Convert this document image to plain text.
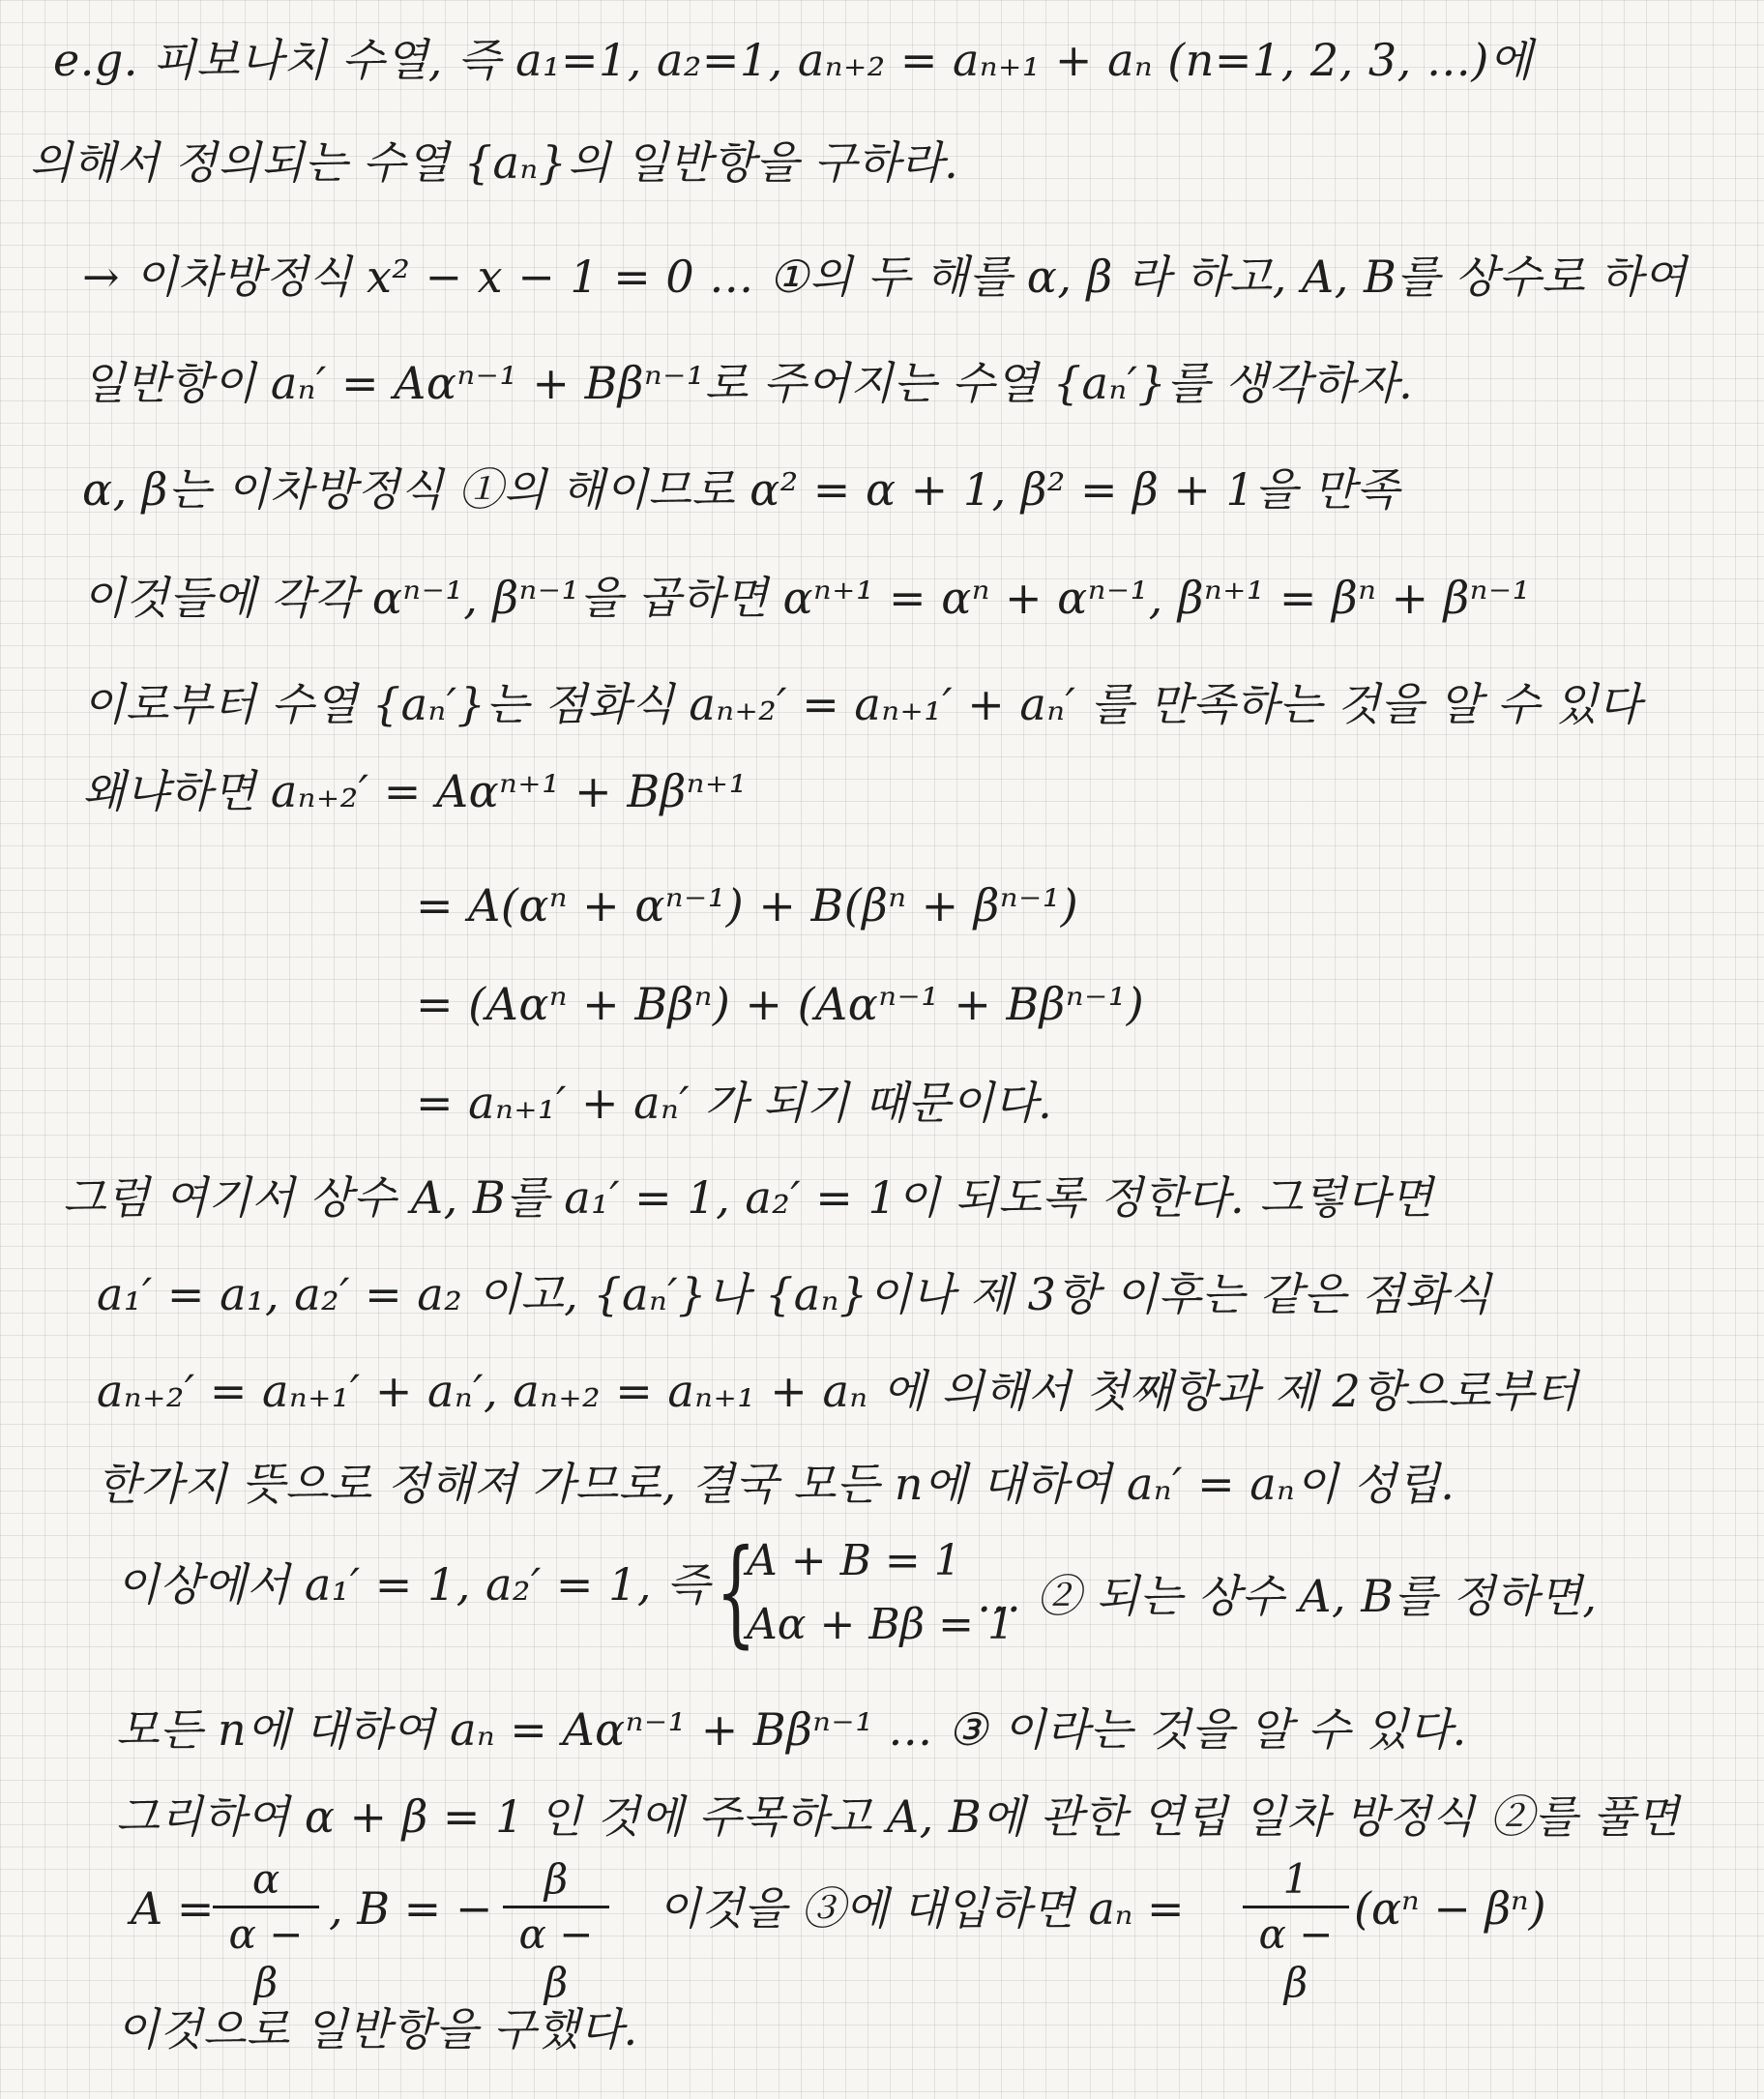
e.g. 피보나치 수열, 즉 a₁=1, a₂=1, aₙ₊₂ = aₙ₊₁ + aₙ (n=1, 2, 3, …)에
의해서 정의되는 수열 {aₙ}의 일반항을 구하라.
→ 이차방정식 x² − x − 1 = 0 … ①의 두 해를 α, β 라 하고, A, B를 상수로 하여
일반항이 aₙ′ = Aαⁿ⁻¹ + Bβⁿ⁻¹로 주어지는 수열 {aₙ′}를 생각하자.
α, β는 이차방정식 ①의 해이므로 α² = α + 1, β² = β + 1을 만족
이것들에 각각 αⁿ⁻¹, βⁿ⁻¹을 곱하면 αⁿ⁺¹ = αⁿ + αⁿ⁻¹, βⁿ⁺¹ = βⁿ + βⁿ⁻¹
이로부터 수열 {aₙ′}는 점화식 aₙ₊₂′ = aₙ₊₁′ + aₙ′ 를 만족하는 것을 알 수 있다
왜냐하면 aₙ₊₂′ = Aαⁿ⁺¹ + Bβⁿ⁺¹
= A(αⁿ + αⁿ⁻¹) + B(βⁿ + βⁿ⁻¹)
= (Aαⁿ + Bβⁿ) + (Aαⁿ⁻¹ + Bβⁿ⁻¹)
= aₙ₊₁′ + aₙ′ 가 되기 때문이다.
그럼 여기서 상수 A, B를 a₁′ = 1, a₂′ = 1이 되도록 정한다. 그렇다면
a₁′ = a₁, a₂′ = a₂ 이고, {aₙ′}나 {aₙ}이나 제 3항 이후는 같은 점화식
aₙ₊₂′ = aₙ₊₁′ + aₙ′, aₙ₊₂ = aₙ₊₁ + aₙ 에 의해서 첫째항과 제 2항으로부터
한가지 뜻으로 정해져 가므로, 결국 모든 n에 대하여 aₙ′ = aₙ이 성립.
이상에서 a₁′ = 1, a₂′ = 1, 즉 {
A + B = 1
Aα + Bβ = 1
… ② 되는 상수 A, B를 정하면,
모든 n에 대하여 aₙ = Aαⁿ⁻¹ + Bβⁿ⁻¹ … ③ 이라는 것을 알 수 있다.
그리하여 α + β = 1 인 것에 주목하고 A, B에 관한 연립 일차 방정식 ②를 풀면
A =
α
α − β
, B = −
β
α − β
이것을 ③에 대입하면 aₙ =
1
α − β
(αⁿ − βⁿ)
이것으로 일반항을 구했다.
